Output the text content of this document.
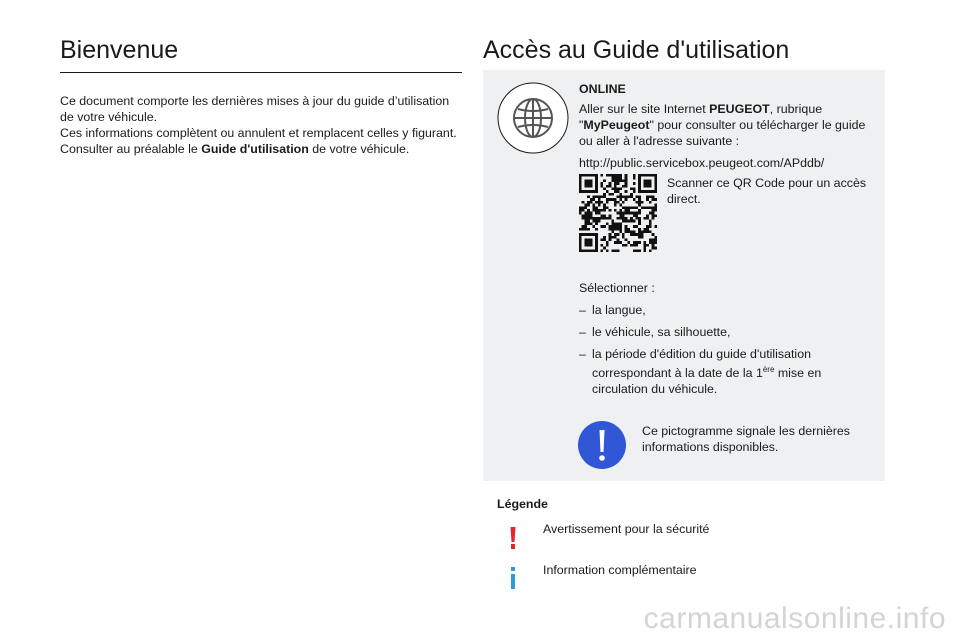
Bienvenue

Ce document comporte les dernières mises à jour du guide d’utilisation de votre véhicule.

Ces informations complètent ou annulent et remplacent celles y figurant.

Consulter au préalable le Guide d'utilisation de votre véhicule.

Accès au Guide d'utilisation

ONLINE

Aller sur le site Internet PEUGEOT, rubrique "MyPeugeot" pour consulter ou télécharger le guide ou aller à l'adresse suivante :

http://public.servicebox.peugeot.com/APddb/

Scanner ce QR Code pour un accès direct.

Sélectionner :

– la langue,
– le véhicule, sa silhouette,
– la période d'édition du guide d'utilisation correspondant à la date de la 1ère mise en circulation du véhicule.
Ce pictogramme signale les dernières informations disponibles.
Légende
Avertissement pour la sécurité
Information complémentaire
carmanualsonline.info
